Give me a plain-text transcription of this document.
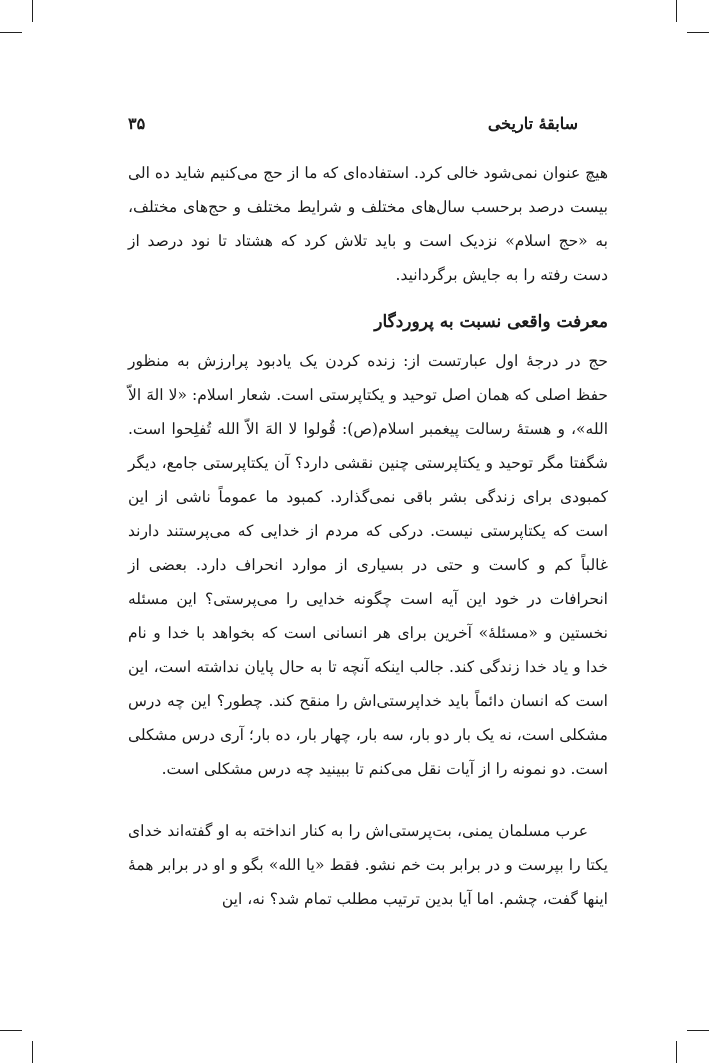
سابقهٔ تاریخی
۳۵

هیچ عنوان نمی‌شود خالی کرد. استفاده‌ای که ما از حج می‌کنیم شاید ده الی بیست درصد برحسب سال‌های مختلف و شرایط مختلف و حج‌های مختلف، به «حج اسلام» نزدیک است و باید تلاش کرد که هشتاد تا نود درصد از دست رفته را به جایش برگردانید.

معرفت واقعی نسبت به پروردگار

حج در درجهٔ اول عبارتست از: زنده کردن یک یادبود پرارزش به منظور حفظ اصلی که همان اصل توحید و یکتاپرستی است. شعار اسلام: «لا الهَ الاّ الله»، و هستهٔ رسالت پیغمبر اسلام(ص): قُولوا لا الهَ الاّ الله تُفلِحوا است. شگفتا مگر توحید و یکتاپرستی چنین نقشی دارد؟ آن یکتاپرستی جامع، دیگر کمبودی برای زندگی بشر باقی نمی‌گذارد. کمبود ما عموماً ناشی از این است که یکتاپرستی نیست. درکی که مردم از خدایی که می‌پرستند دارند غالباً کم و کاست و حتی در بسیاری از موارد انحراف دارد. بعضی از انحرافات در خود این آیه است چگونه خدایی را می‌پرستی؟ این مسئله نخستین و «مسئلهٔ» آخرین برای هر انسانی است که بخواهد با خدا و نام خدا و یاد خدا زندگی کند. جالب اینکه آنچه تا به حال پایان نداشته است، این است که انسان دائماً باید خداپرستی‌اش را منقح کند. چطور؟ این چه درس مشکلی است، نه یک بار دو بار، سه بار، چهار بار، ده بار؛ آری درس مشکلی است. دو نمونه را از آیات نقل می‌کنم تا ببینید چه درس مشکلی است.

عرب مسلمان یمنی، بت‌پرستی‌اش را به کنار انداخته به او گفته‌اند خدای یکتا را بپرست و در برابر بت خم نشو. فقط «یا الله» بگو و او در برابر همهٔ اینها گفت، چشم. اما آیا بدین ترتیب مطلب تمام شد؟ نه، این
